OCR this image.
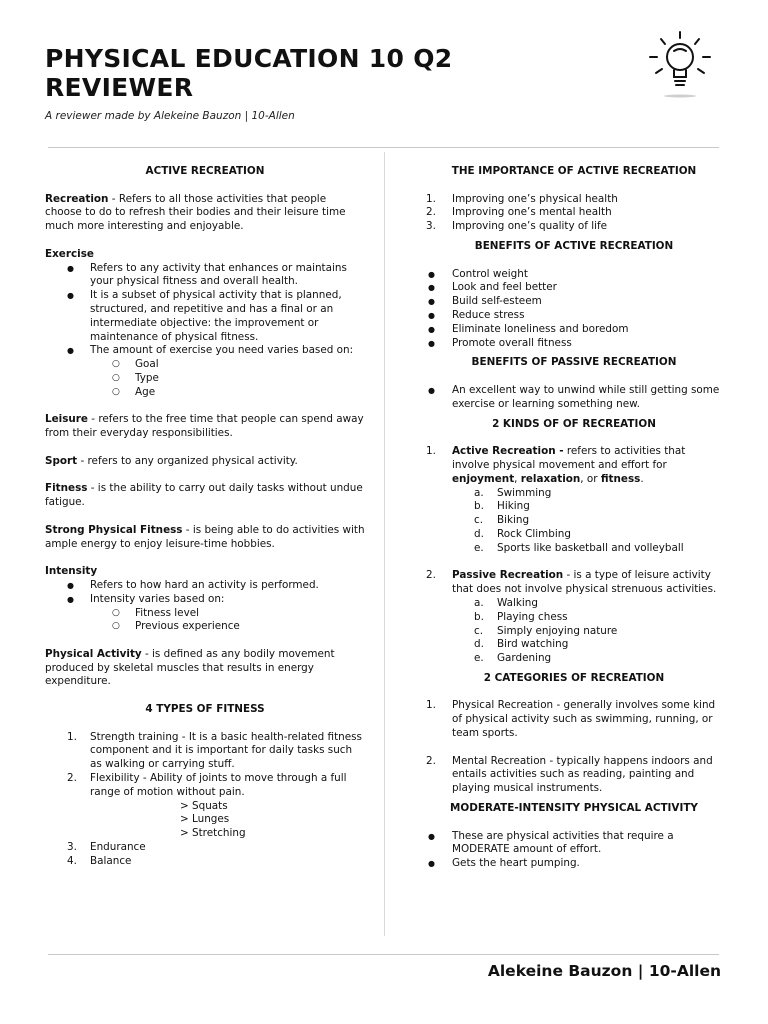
PHYSICAL EDUCATION 10 Q2
REVIEWER
A reviewer made by Alekeine Bauzon | 10-Allen

ACTIVE RECREATION

Recreation - Refers to all those activities that people choose to do to refresh their bodies and their leisure time much more interesting and enjoyable.

Exercise

● Refers to any activity that enhances or maintains your physical fitness and overall health.
● It is a subset of physical activity that is planned, structured, and repetitive and has a final or an intermediate objective: the improvement or maintenance of physical fitness.
● The amount of exercise you need varies based on:
○ Goal
○ Type
○ Age

Leisure - refers to the free time that people can spend away from their everyday responsibilities.

Sport - refers to any organized physical activity.

Fitness - is the ability to carry out daily tasks without undue fatigue.

Strong Physical Fitness - is being able to do activities with ample energy to enjoy leisure-time hobbies.

Intensity

● Refers to how hard an activity is performed.
● Intensity varies based on:
○ Fitness level
○ Previous experience

Physical Activity - is defined as any bodily movement produced by skeletal muscles that results in energy expenditure.

4 TYPES OF FITNESS

1. Strength training - It is a basic health-related fitness component and it is important for daily tasks such as walking or carrying stuff.
2. Flexibility - Ability of joints to move through a full range of motion without pain.
> Squats
> Lunges
> Stretching
3. Endurance
4. Balance

THE IMPORTANCE OF ACTIVE RECREATION

1. Improving one’s physical health
2. Improving one’s mental health
3. Improving one’s quality of life

BENEFITS OF ACTIVE RECREATION

● Control weight
● Look and feel better
● Build self-esteem
● Reduce stress
● Eliminate loneliness and boredom
● Promote overall fitness

BENEFITS OF PASSIVE RECREATION

● An excellent way to unwind while still getting some exercise or learning something new.

2 KINDS OF OF RECREATION

1. Active Recreation - refers to activities that involve physical movement and effort for enjoyment, relaxation, or fitness.
a. Swimming
b. Hiking
c. Biking
d. Rock Climbing
e. Sports like basketball and volleyball
2. Passive Recreation - is a type of leisure activity that does not involve physical strenuous activities.
a. Walking
b. Playing chess
c. Simply enjoying nature
d. Bird watching
e. Gardening

2 CATEGORIES OF RECREATION

1. Physical Recreation - generally involves some kind of physical activity such as swimming, running, or team sports.
2. Mental Recreation - typically happens indoors and entails activities such as reading, painting and playing musical instruments.

MODERATE-INTENSITY PHYSICAL ACTIVITY

● These are physical activities that require a MODERATE amount of effort.
● Gets the heart pumping.
Alekeine Bauzon | 10-Allen
